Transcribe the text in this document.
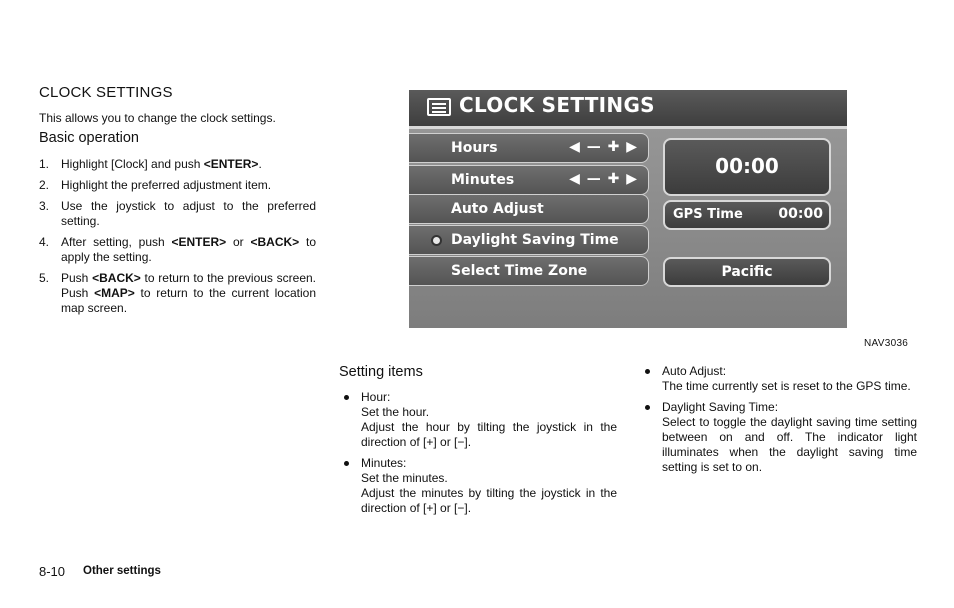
CLOCK SETTINGS
This allows you to change the clock settings.
Basic operation
1. Highlight [Clock] and push <ENTER>.
2. Highlight the preferred adjustment item.
3. Use the joystick to adjust to the preferred setting.
4. After setting, push <ENTER> or <BACK> to apply the setting.
5. Push <BACK> to return to the previous screen. Push <MAP> to return to the current location map screen.
CLOCK SETTINGS
Hours	◀ — ✚ ▶
Minutes	◀ — ✚ ▶
Auto Adjust
Daylight Saving Time
Select Time Zone
00:00
GPS Time	00:00
Pacific
NAV3036
Setting items
Hour:
Set the hour.
Adjust the hour by tilting the joystick in the direction of [+] or [−].
Minutes:
Set the minutes.
Adjust the minutes by tilting the joystick in the direction of [+] or [−].
Auto Adjust:
The time currently set is reset to the GPS time.
Daylight Saving Time:
Select to toggle the daylight saving time setting between on and off. The indicator light illuminates when the daylight saving time setting is set to on.
8-10 Other settings
